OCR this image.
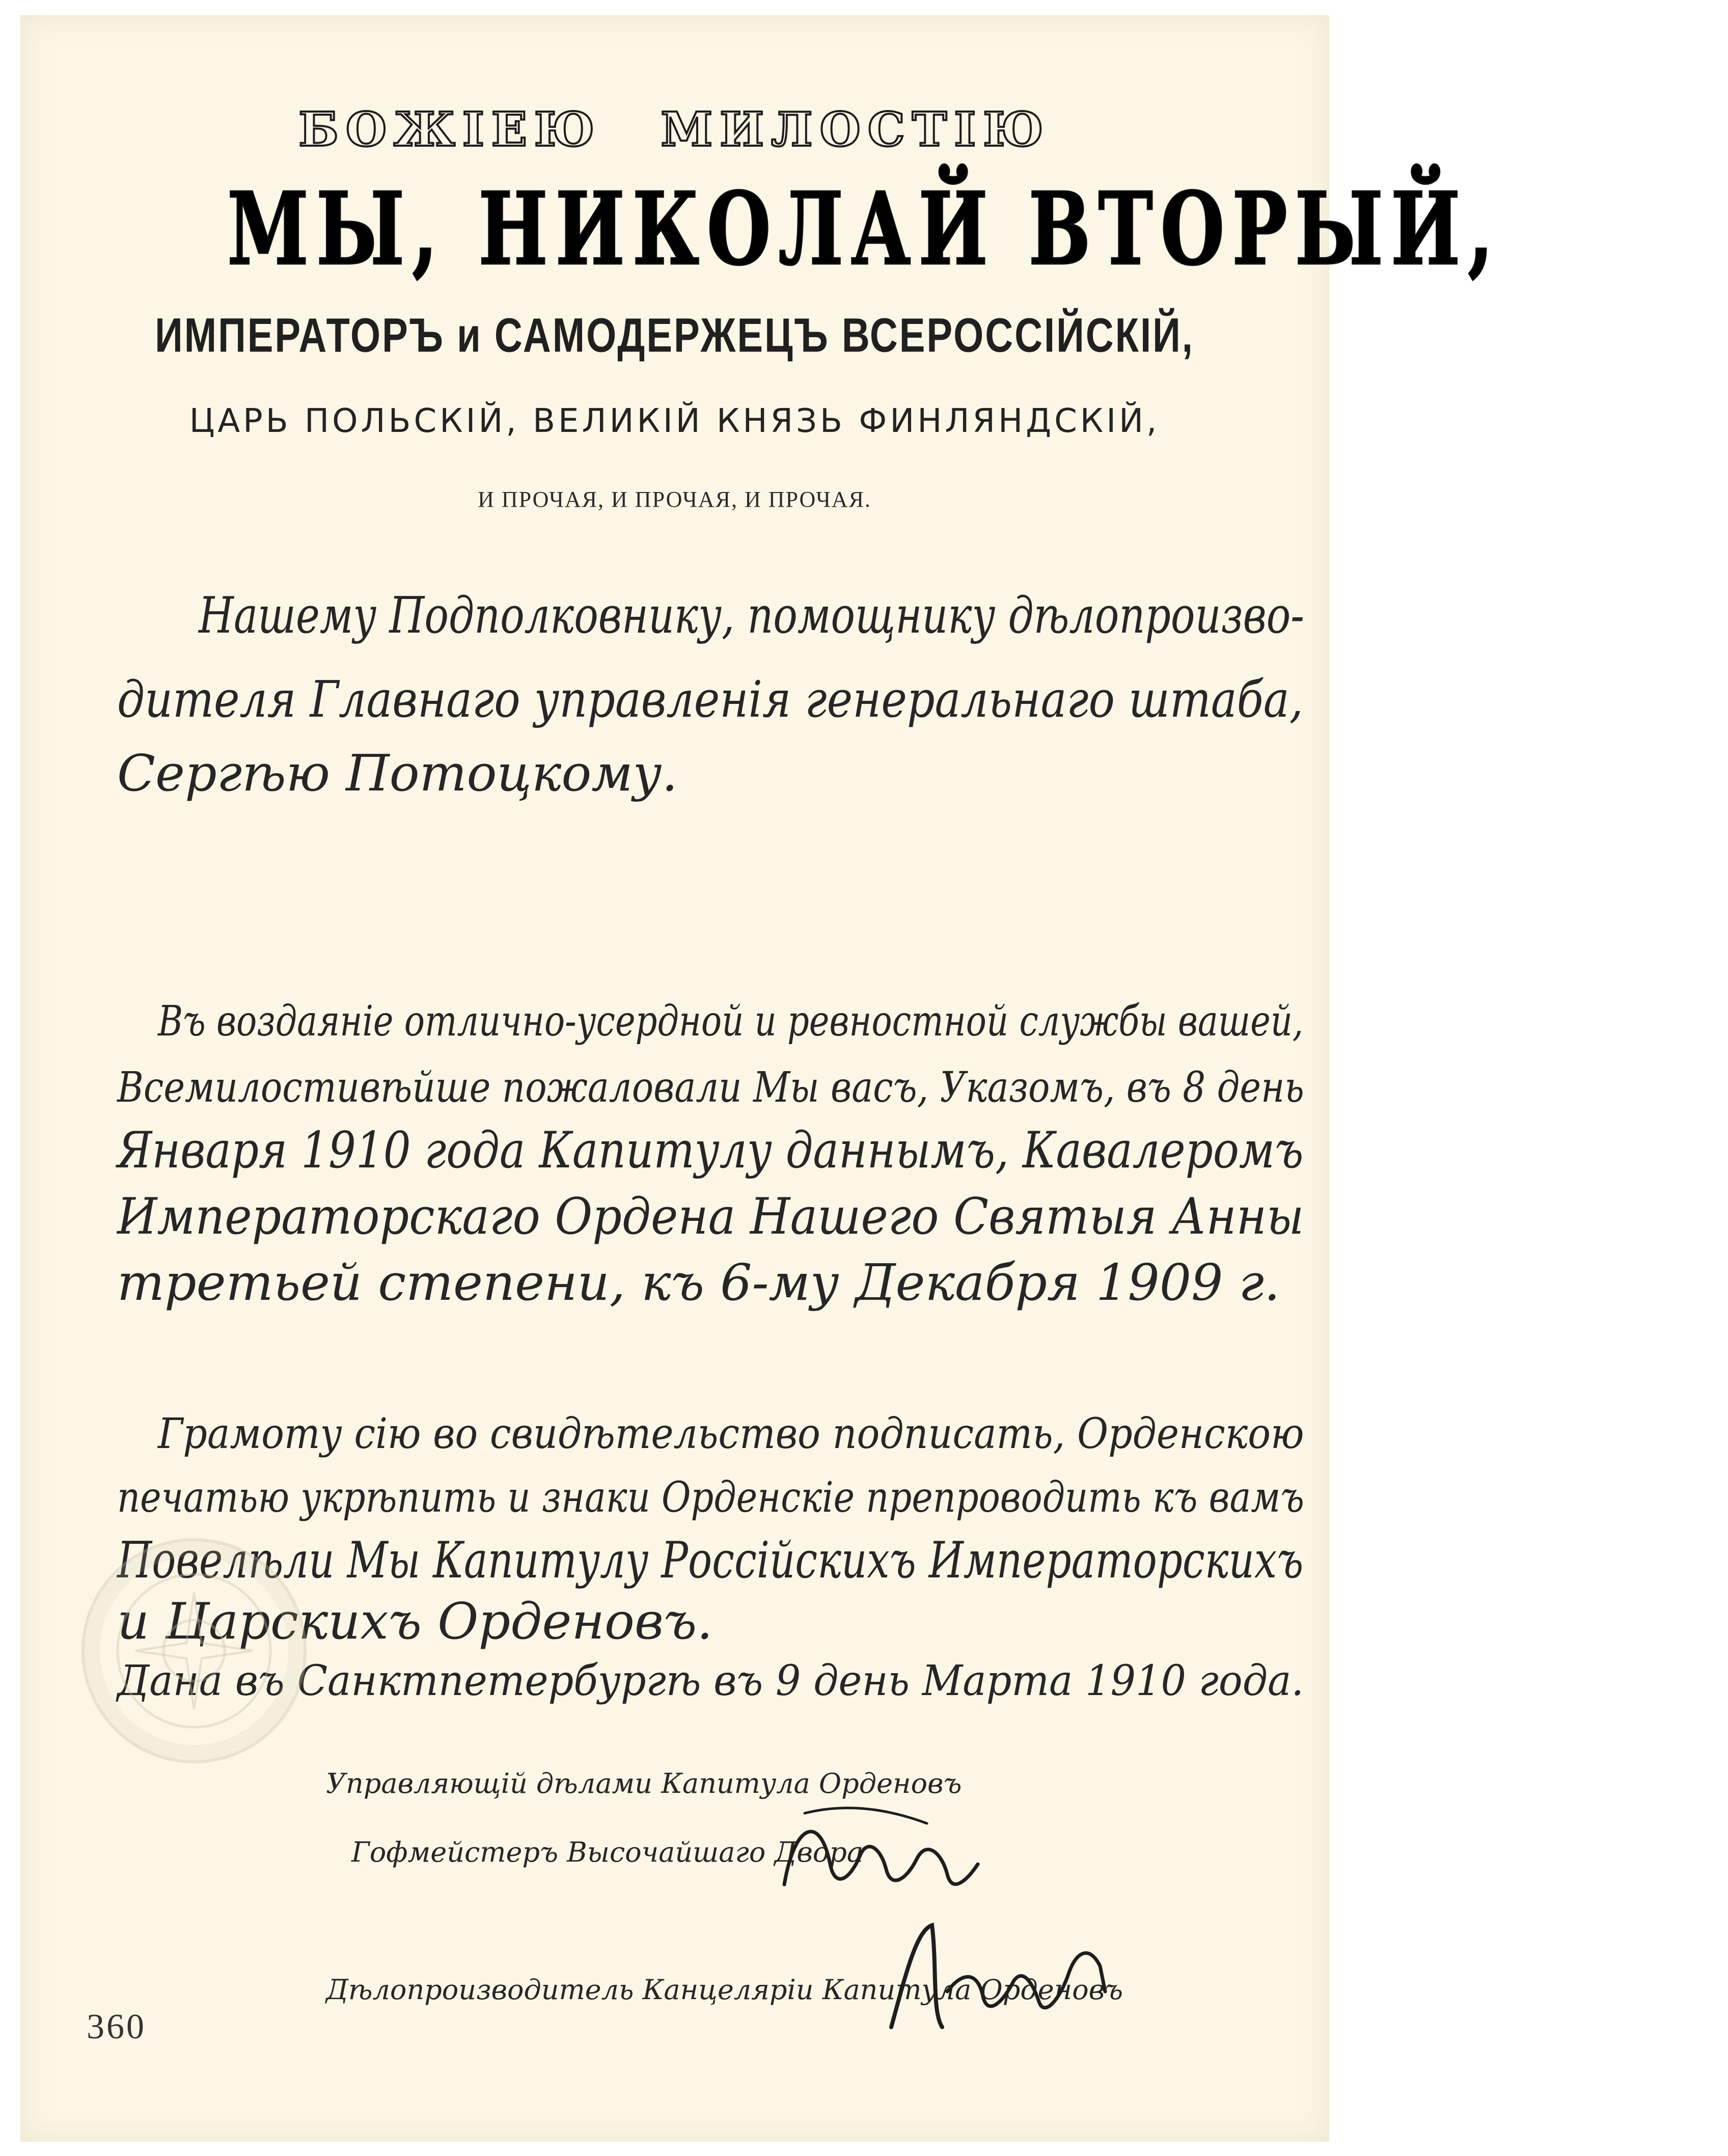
БОЖІЕЮ МИЛОСТІЮ
МЫ, НИКОЛАЙ ВТОРЫЙ,
ИМПЕРАТОРЪ и САМОДЕРЖЕЦЪ ВСЕРОССІЙСКІЙ,
ЦАРЬ ПОЛЬСКІЙ, ВЕЛИКІЙ КНЯЗЬ ФИНЛЯНДСКІЙ,
И ПРОЧАЯ, И ПРОЧАЯ, И ПРОЧАЯ.
Нашему Подполковнику, помощнику дѣлопроизво-
дителя Главнаго управленія генеральнаго штаба,
Сергѣю Потоцкому.
Въ воздаяніе отлично-усердной и ревностной службы вашей,
Всемилостивѣйше пожаловали Мы васъ, Указомъ, въ 8 день
Января 1910 года Капитулу даннымъ, Кавалеромъ
Императорскаго Ордена Нашего Святыя Анны
третьей степени, къ 6-му Декабря 1909 г.
Грамоту сію во свидѣтельство подписать, Орденскою
печатью укрѣпить и знаки Орденскіе препроводить къ вамъ
Повелѣли Мы Капитулу Россійскихъ Императорскихъ
и Царскихъ Орденовъ.
Дана въ Санктпетербургѣ въ 9 день Марта 1910 года.
Управляющій дѣлами Капитула Орденовъ
Гофмейстеръ Высочайшаго Двора
Дѣлопроизводитель Канцеляріи Капитула Орденовъ
360
